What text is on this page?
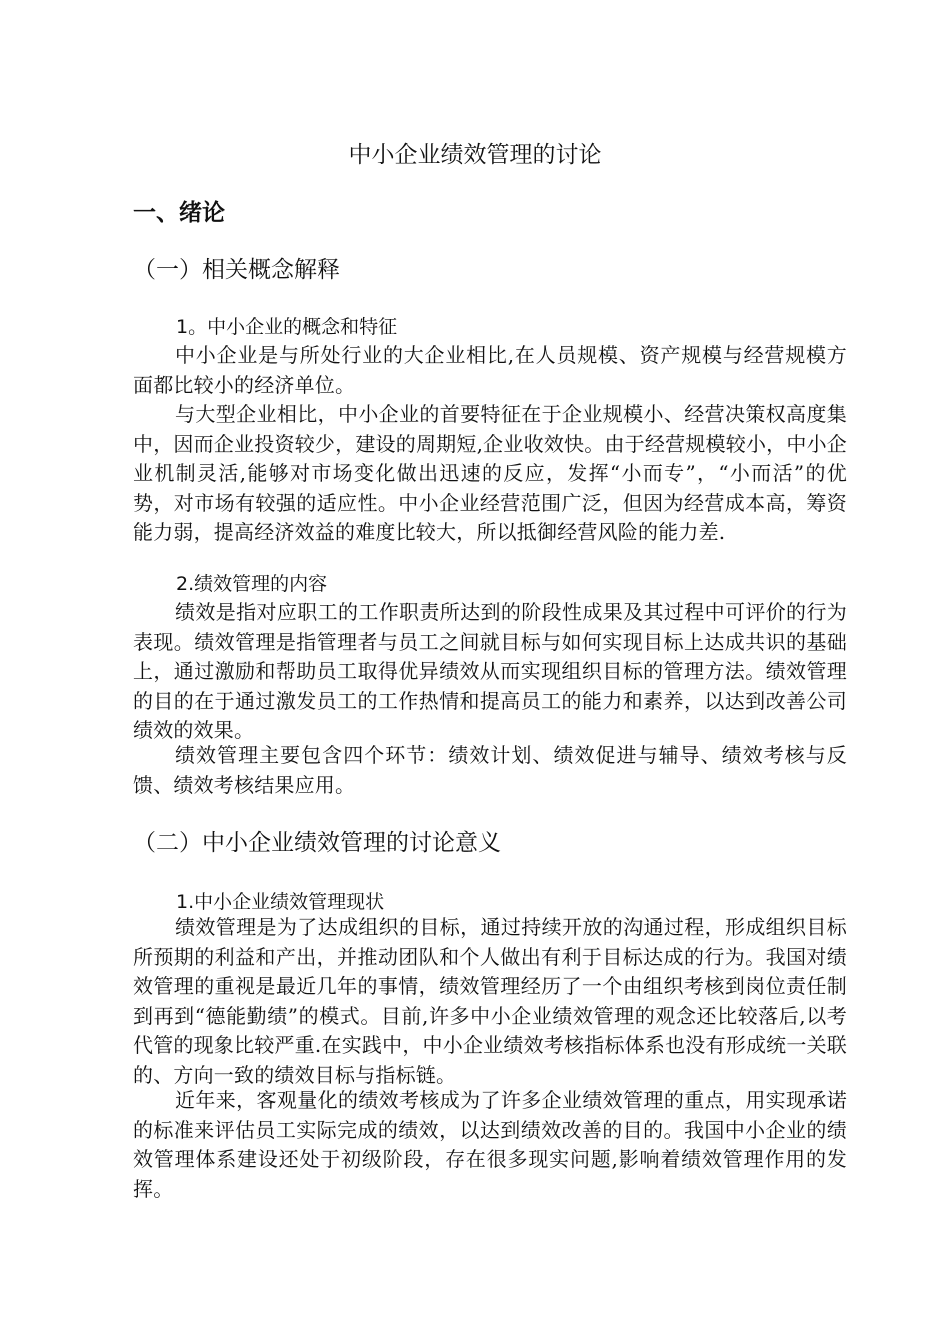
中小企业绩效管理的讨论
一、绪论
（一）相关概念解释
1。中小企业的概念和特征
中小企业是与所处行业的大企业相比,在人员规模、资产规模与经营规模方面都比较小的经济单位。
与大型企业相比，中小企业的首要特征在于企业规模小、经营决策权高度集中，因而企业投资较少，建设的周期短,企业收效快。由于经营规模较小，中小企业机制灵活,能够对市场变化做出迅速的反应，发挥“小而专”，“小而活”的优势，对市场有较强的适应性。中小企业经营范围广泛，但因为经营成本高，筹资能力弱，提高经济效益的难度比较大，所以抵御经营风险的能力差.
2.绩效管理的内容
绩效是指对应职工的工作职责所达到的阶段性成果及其过程中可评价的行为表现。绩效管理是指管理者与员工之间就目标与如何实现目标上达成共识的基础上，通过激励和帮助员工取得优异绩效从而实现组织目标的管理方法。绩效管理的目的在于通过激发员工的工作热情和提高员工的能力和素养，以达到改善公司绩效的效果。
绩效管理主要包含四个环节：绩效计划、绩效促进与辅导、绩效考核与反馈、绩效考核结果应用。
（二）中小企业绩效管理的讨论意义
1.中小企业绩效管理现状
绩效管理是为了达成组织的目标，通过持续开放的沟通过程，形成组织目标所预期的利益和产出，并推动团队和个人做出有利于目标达成的行为。我国对绩效管理的重视是最近几年的事情，绩效管理经历了一个由组织考核到岗位责任制到再到“德能勤绩”的模式。目前,许多中小企业绩效管理的观念还比较落后,以考代管的现象比较严重.在实践中，中小企业绩效考核指标体系也没有形成统一关联的、方向一致的绩效目标与指标链。
近年来，客观量化的绩效考核成为了许多企业绩效管理的重点，用实现承诺的标准来评估员工实际完成的绩效，以达到绩效改善的目的。我国中小企业的绩效管理体系建设还处于初级阶段，存在很多现实问题,影响着绩效管理作用的发挥。
